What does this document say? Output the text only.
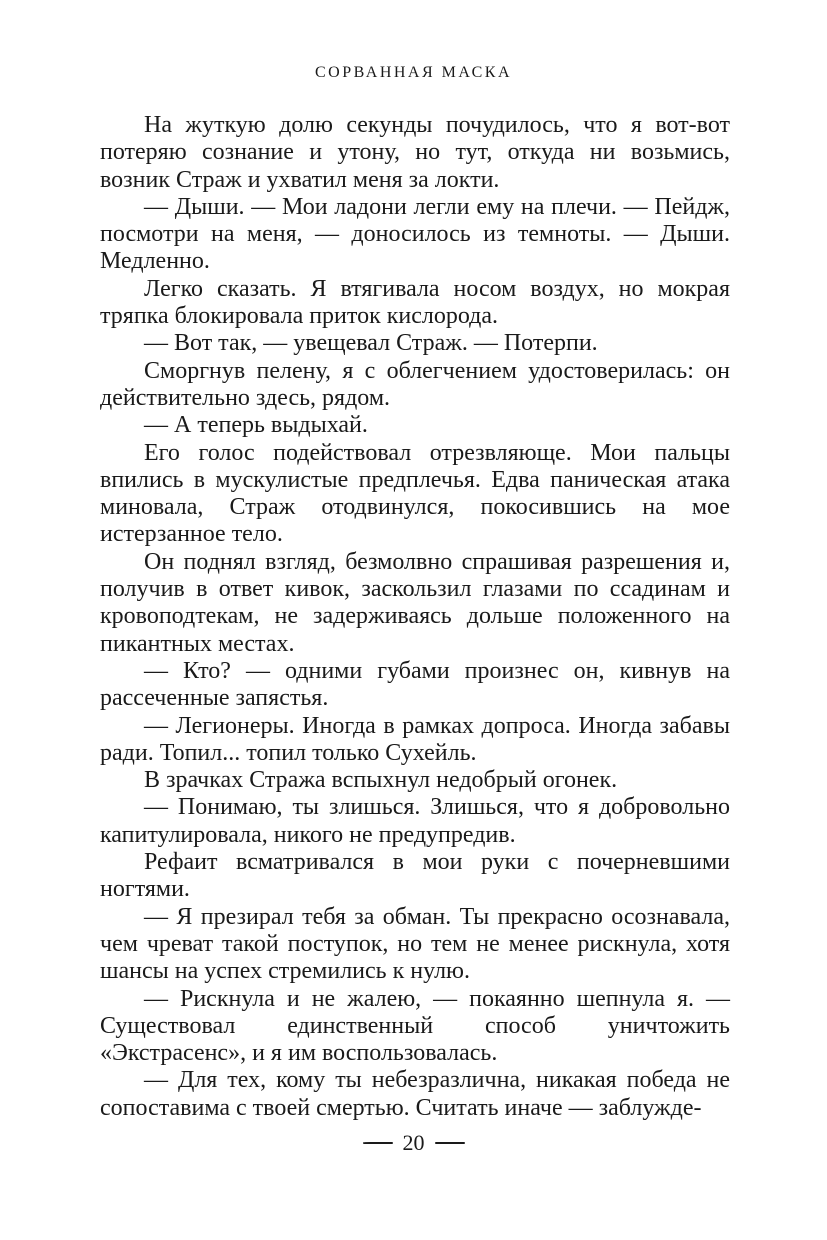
СОРВАННАЯ МАСКА

На жуткую долю секунды почудилось, что я вот-вот потеряю сознание и утону, но тут, откуда ни возьмись, возник Страж и ухватил меня за локти.

— Дыши. — Мои ладони легли ему на плечи. — Пейдж, посмотри на меня, — доносилось из темноты. — Дыши. Медленно.

Легко сказать. Я втягивала носом воздух, но мокрая тряпка блокировала приток кислорода.

— Вот так, — увещевал Страж. — Потерпи.

Сморгнув пелену, я с облегчением удостоверилась: он действительно здесь, рядом.

— А теперь выдыхай.

Его голос подействовал отрезвляюще. Мои пальцы впились в мускулистые предплечья. Едва паническая атака миновала, Страж отодвинулся, покосившись на мое истерзанное тело.

Он поднял взгляд, безмолвно спрашивая разрешения и, получив в ответ кивок, заскользил глазами по ссадинам и кровоподтекам, не задерживаясь дольше положенного на пикантных местах.

— Кто? — одними губами произнес он, кивнув на рассеченные запястья.

— Легионеры. Иногда в рамках допроса. Иногда забавы ради. Топил... топил только Сухейль.

В зрачках Стража вспыхнул недобрый огонек.

— Понимаю, ты злишься. Злишься, что я добровольно капитулировала, никого не предупредив.

Рефаит всматривался в мои руки с почерневшими ногтями.

— Я презирал тебя за обман. Ты прекрасно осознавала, чем чреват такой поступок, но тем не менее рискнула, хотя шансы на успех стремились к нулю.

— Рискнула и не жалею, — покаянно шепнула я. — Существовал единственный способ уничтожить «Экстрасенс», и я им воспользовалась.

— Для тех, кому ты небезразлична, никакая победа не сопоставима с твоей смертью. Считать иначе — заблужде-

20
